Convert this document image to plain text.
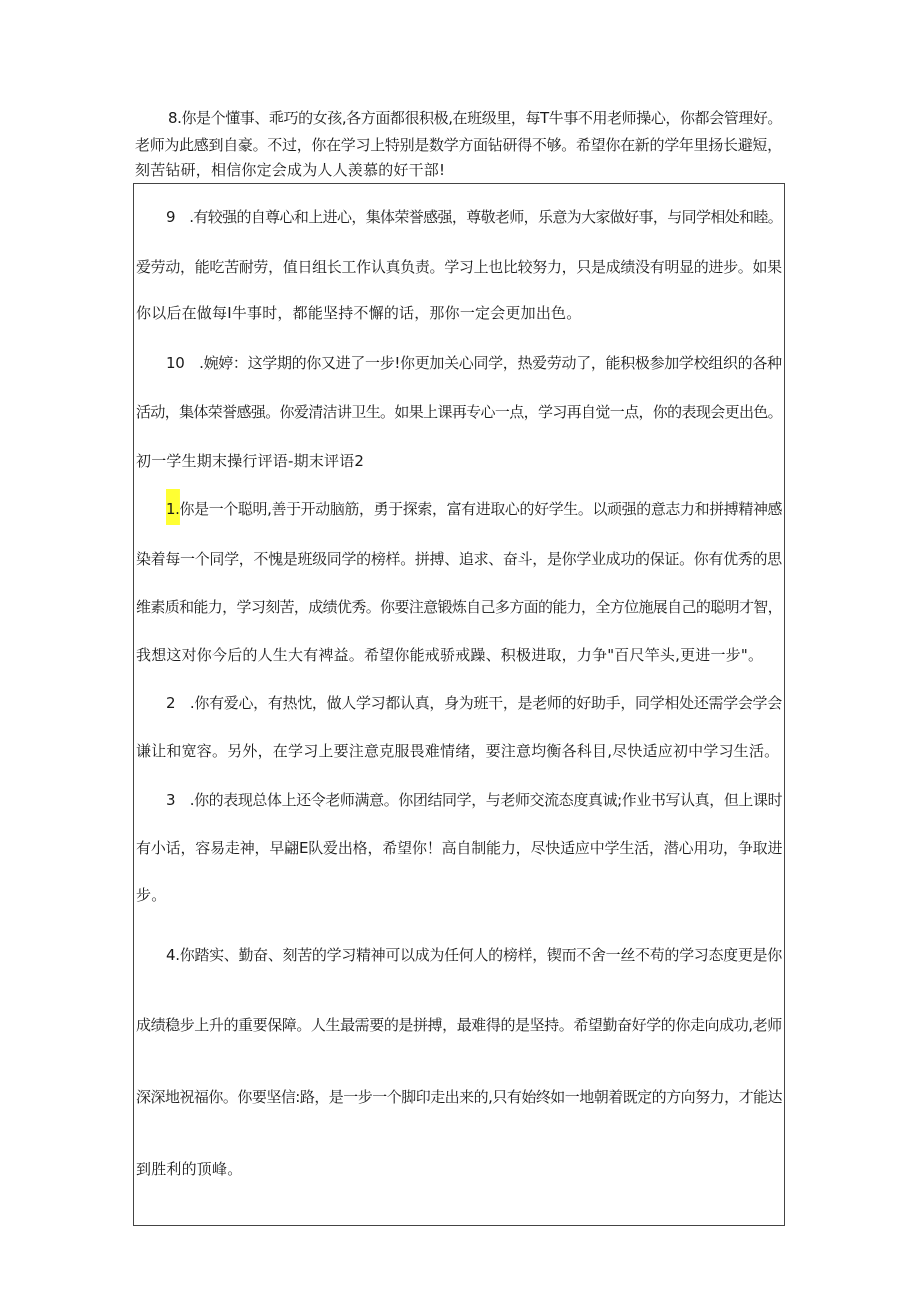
8.你是个懂事、乖巧的女孩,各方面都很积极,在班级里，每T牛事不用老师操心，你都会管理好。
老师为此感到自豪。不过，你在学习上特别是数学方面钻研得不够。希望你在新的学年里扬长避短，
刻苦钻研，相信你定会成为人人羡慕的好干部!
9　.有较强的自尊心和上进心，集体荣誉感强，尊敬老师，乐意为大家做好事，与同学相处和睦。
爱劳动，能吃苦耐劳，值日组长工作认真负责。学习上也比较努力，只是成绩没有明显的进步。如果
你以后在做每I牛事时，都能坚持不懈的话，那你一定会更加出色。
10　.婉婷：这学期的你又进了一步!你更加关心同学，热爱劳动了，能积极参加学校组织的各种
活动，集体荣誉感强。你爱清洁讲卫生。如果上课再专心一点，学习再自觉一点，你的表现会更出色。
初一学生期末操行评语-期末评语2
1.你是一个聪明,善于开动脑筋，勇于探索，富有进取心的好学生。以顽强的意志力和拼搏精神感
染着每一个同学，不愧是班级同学的榜样。拼搏、追求、奋斗，是你学业成功的保证。你有优秀的思
维素质和能力，学习刻苦，成绩优秀。你要注意锻炼自己多方面的能力，全方位施展自己的聪明才智，
我想这对你今后的人生大有裨益。希望你能戒骄戒躁、积极进取，力争"百尺竿头,更进一步"。
2　.你有爱心，有热忱，做人学习都认真，身为班干，是老师的好助手，同学相处还需学会学会
谦让和宽容。另外，在学习上要注意克服畏难情绪，要注意均衡各科目,尽快适应初中学习生活。
3　.你的表现总体上还令老师满意。你团结同学，与老师交流态度真诚;作业书写认真，但上课时
有小话，容易走神，早翩E队爱出格，希望你！高自制能力，尽快适应中学生活，潜心用功，争取进
步。
4.你踏实、勤奋、刻苦的学习精神可以成为任何人的榜样，锲而不舍一丝不苟的学习态度更是你
成绩稳步上升的重要保障。人生最需要的是拼搏，最难得的是坚持。希望勤奋好学的你走向成功,老师
深深地祝福你。你要坚信:路，是一步一个脚印走出来的,只有始终如一地朝着既定的方向努力，才能达
到胜利的顶峰。
